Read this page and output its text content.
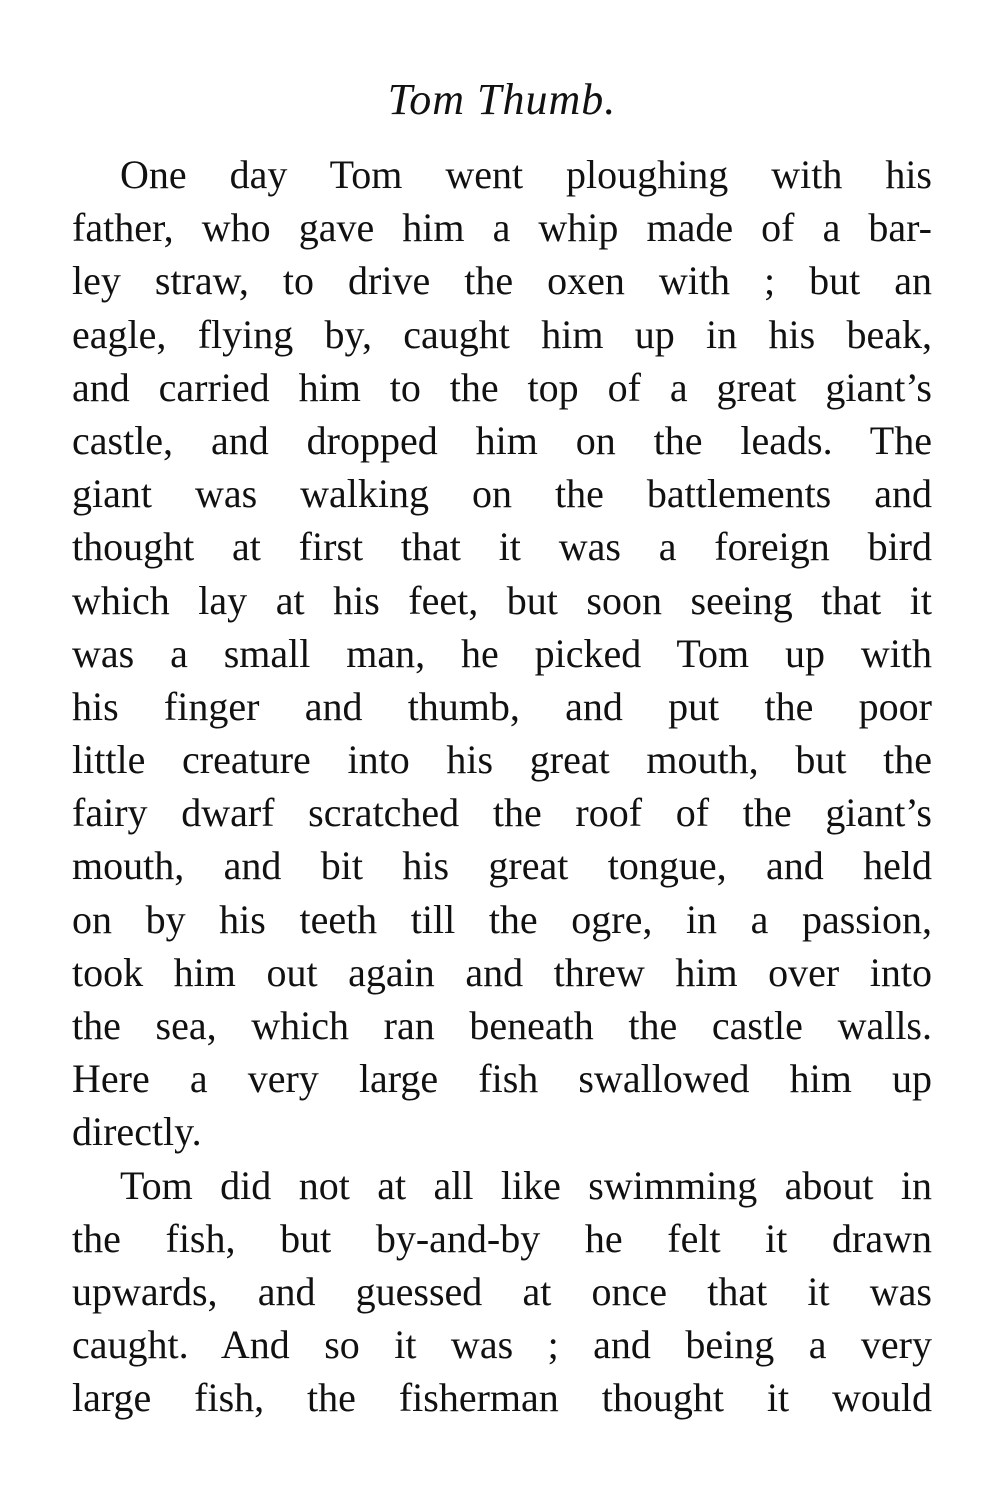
Tom Thumb.
One day Tom went ploughing with his
father, who gave him a whip made of a bar-
ley straw, to drive the oxen with ; but an
eagle, flying by, caught him up in his beak,
and carried him to the top of a great giant’s
castle, and dropped him on the leads. The
giant was walking on the battlements and
thought at first that it was a foreign bird
which lay at his feet, but soon seeing that it
was a small man, he picked Tom up with
his finger and thumb, and put the poor
little creature into his great mouth, but the
fairy dwarf scratched the roof of the giant’s
mouth, and bit his great tongue, and held
on by his teeth till the ogre, in a passion,
took him out again and threw him over into
the sea, which ran beneath the castle walls.
Here a very large fish swallowed him up
directly.
Tom did not at all like swimming about in
the fish, but by-and-by he felt it drawn
upwards, and guessed at once that it was
caught. And so it was ; and being a very
large fish, the fisherman thought it would
